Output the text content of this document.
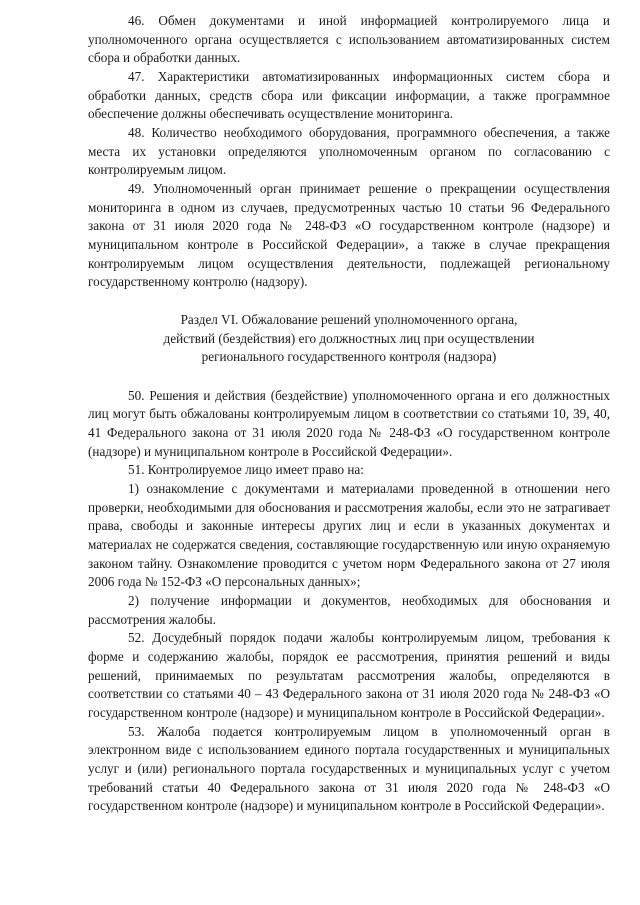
46. Обмен документами и иной информацией контролируемого лица и уполномоченного органа осуществляется с использованием автоматизированных систем сбора и обработки данных.

47. Характеристики автоматизированных информационных систем сбора и обработки данных, средств сбора или фиксации информации, а также программное обеспечение должны обеспечивать осуществление мониторинга.

48. Количество необходимого оборудования, программного обеспечения, а также места их установки определяются уполномоченным органом по согласованию с контролируемым лицом.

49. Уполномоченный орган принимает решение о прекращении осуществления мониторинга в одном из случаев, предусмотренных частью 10 статьи 96 Федерального закона от 31 июля 2020 года № 248-ФЗ «О государственном контроле (надзоре) и муниципальном контроле в Российской Федерации», а также в случае прекращения контролируемым лицом осуществления деятельности, подлежащей региональному государственному контролю (надзору).

Раздел VI. Обжалование решений уполномоченного органа,
действий (бездействия) его должностных лиц при осуществлении
регионального государственного контроля (надзора)

50. Решения и действия (бездействие) уполномоченного органа и его должностных лиц могут быть обжалованы контролируемым лицом в соответствии со статьями 10, 39, 40, 41 Федерального закона от 31 июля 2020 года № 248-ФЗ «О государственном контроле (надзоре) и муниципальном контроле в Российской Федерации».

51. Контролируемое лицо имеет право на:

1) ознакомление с документами и материалами проведенной в отношении него проверки, необходимыми для обоснования и рассмотрения жалобы, если это не затрагивает права, свободы и законные интересы других лиц и если в указанных документах и материалах не содержатся сведения, составляющие государственную или иную охраняемую законом тайну. Ознакомление проводится с учетом норм Федерального закона от 27 июля 2006 года № 152-ФЗ «О персональных данных»;

2) получение информации и документов, необходимых для обоснования и рассмотрения жалобы.

52. Досудебный порядок подачи жалобы контролируемым лицом, требования к форме и содержанию жалобы, порядок ее рассмотрения, принятия решений и виды решений, принимаемых по результатам рассмотрения жалобы, определяются в соответствии со статьями 40 – 43 Федерального закона от 31 июля 2020 года № 248-ФЗ «О государственном контроле (надзоре) и муниципальном контроле в Российской Федерации».

53. Жалоба подается контролируемым лицом в уполномоченный орган в электронном виде с использованием единого портала государственных и муниципальных услуг и (или) регионального портала государственных и муниципальных услуг с учетом требований статьи 40 Федерального закона от 31 июля 2020 года № 248-ФЗ «О государственном контроле (надзоре) и муниципальном контроле в Российской Федерации».
